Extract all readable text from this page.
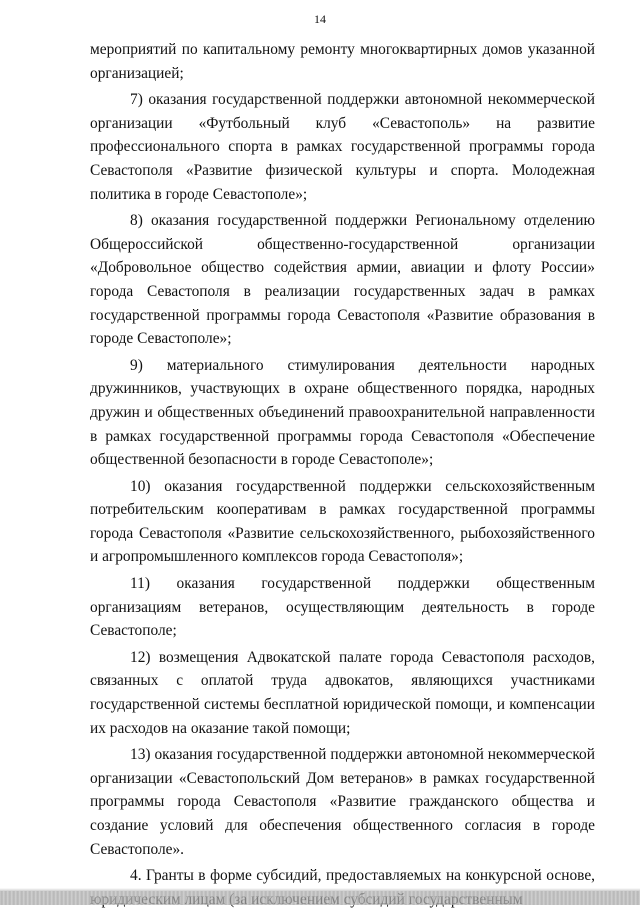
14

мероприятий по капитальному ремонту многоквартирных домов указанной организацией;

7) оказания государственной поддержки автономной некоммерческой организации «Футбольный клуб «Севастополь» на развитие профессионального спорта в рамках государственной программы города Севастополя «Развитие физической культуры и спорта. Молодежная политика в городе Севастополе»;

8) оказания государственной поддержки Региональному отделению Общероссийской общественно-государственной организации «Добровольное общество содействия армии, авиации и флоту России» города Севастополя в реализации государственных задач в рамках государственной программы города Севастополя «Развитие образования в городе Севастополе»;

9) материального стимулирования деятельности народных дружинников, участвующих в охране общественного порядка, народных дружин и общественных объединений правоохранительной направленности в рамках государственной программы города Севастополя «Обеспечение общественной безопасности в городе Севастополе»;

10) оказания государственной поддержки сельскохозяйственным потребительским кооперативам в рамках государственной программы города Севастополя «Развитие сельскохозяйственного, рыбохозяйственного и агропромышленного комплексов города Севастополя»;

11) оказания государственной поддержки общественным организациям ветеранов, осуществляющим деятельность в городе Севастополе;

12) возмещения Адвокатской палате города Севастополя расходов, связанных с оплатой труда адвокатов, являющихся участниками государственной системы бесплатной юридической помощи, и компенсации их расходов на оказание такой помощи;

13) оказания государственной поддержки автономной некоммерческой организации «Севастопольский Дом ветеранов» в рамках государственной программы города Севастополя «Развитие гражданского общества и создание условий для обеспечения общественного согласия в городе Севастополе».

4. Гранты в форме субсидий, предоставляемых на конкурсной основе,
